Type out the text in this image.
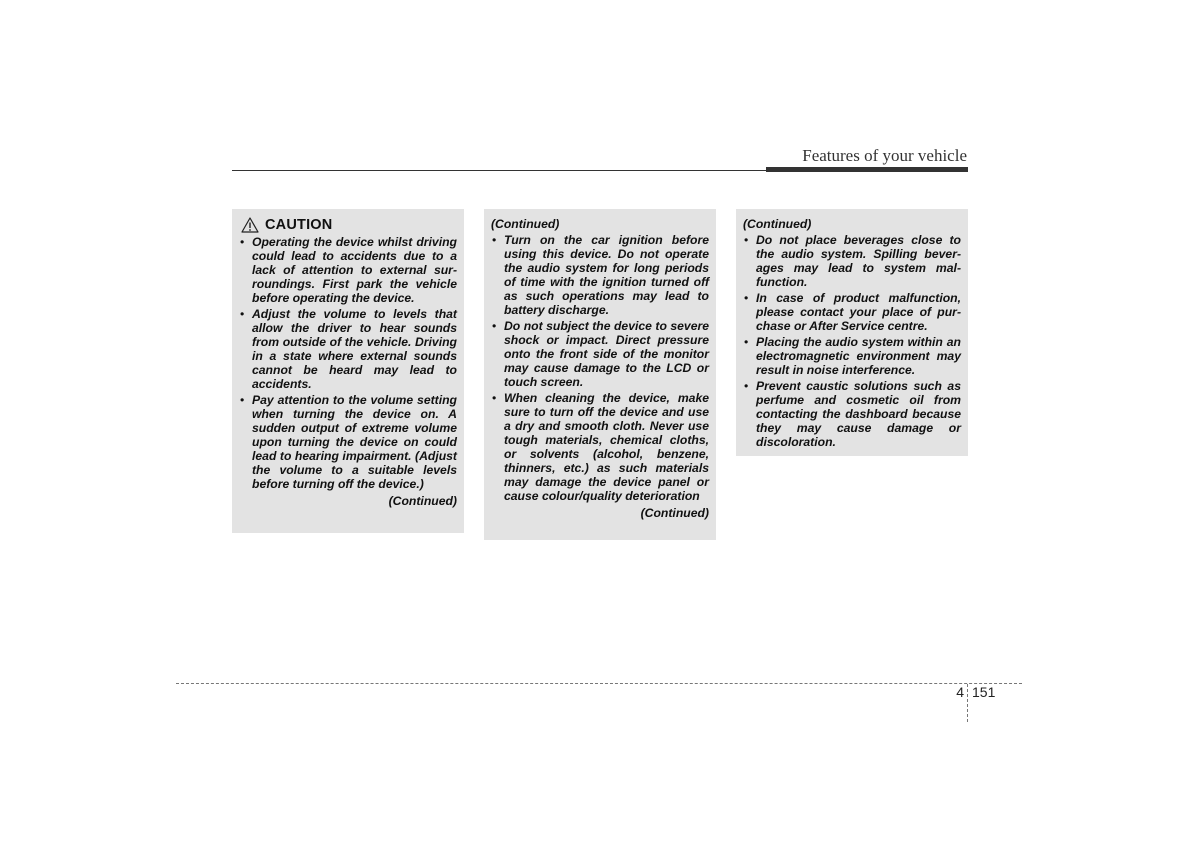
Features of your vehicle
CAUTION
• Operating the device whilst driving could lead to accidents due to a lack of attention to external surroundings. First park the vehicle before operating the device.
• Adjust the volume to levels that allow the driver to hear sounds from outside of the vehicle. Driving in a state where external sounds cannot be heard may lead to accidents.
• Pay attention to the volume setting when turning the device on. A sudden output of extreme volume upon turning the device on could lead to hearing impairment. (Adjust the volume to a suitable levels before turning off the device.)
(Continued)
(Continued)
• Turn on the car ignition before using this device. Do not operate the audio system for long periods of time with the ignition turned off as such operations may lead to battery discharge.
• Do not subject the device to severe shock or impact. Direct pressure onto the front side of the monitor may cause damage to the LCD or touch screen.
• When cleaning the device, make sure to turn off the device and use a dry and smooth cloth. Never use tough materials, chemical cloths, or solvents (alcohol, benzene, thinners, etc.) as such materials may damage the device panel or cause colour/quality deterioration
(Continued)
(Continued)
• Do not place beverages close to the audio system. Spilling beverages may lead to system malfunction.
• In case of product malfunction, please contact your place of purchase or After Service centre.
• Placing the audio system within an electromagnetic environment may result in noise interference.
• Prevent caustic solutions such as perfume and cosmetic oil from contacting the dashboard because they may cause damage or discoloration.
4 151
